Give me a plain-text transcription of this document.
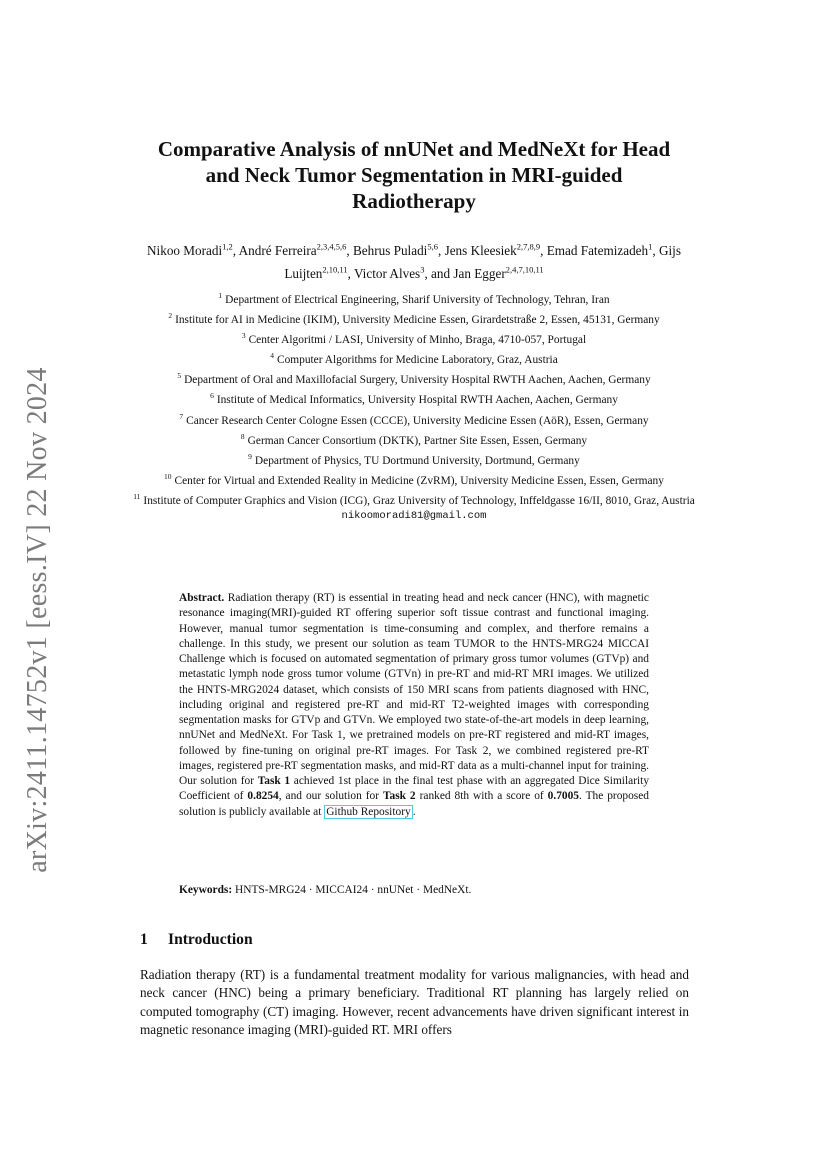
arXiv:2411.14752v1 [eess.IV] 22 Nov 2024
Comparative Analysis of nnUNet and MedNeXt for Head and Neck Tumor Segmentation in MRI-guided Radiotherapy
Nikoo Moradi$^{1,2}$, André Ferreira$^{2,3,4,5,6}$, Behrus Puladi$^{5,6}$, Jens Kleesiek$^{2,7,8,9}$, Emad Fatemizadeh$^1$, Gijs Luijten$^{2,10,11}$, Victor Alves$^3$, and Jan Egger$^{2,4,7,10,11}$
$^1$ Department of Electrical Engineering, Sharif University of Technology, Tehran, Iran
$^2$ Institute for AI in Medicine (IKIM), University Medicine Essen, Girardetstraße 2, Essen, 45131, Germany
$^3$ Center Algoritmi / LASI, University of Minho, Braga, 4710-057, Portugal
$^4$ Computer Algorithms for Medicine Laboratory, Graz, Austria
$^5$ Department of Oral and Maxillofacial Surgery, University Hospital RWTH Aachen, Aachen, Germany
$^6$ Institute of Medical Informatics, University Hospital RWTH Aachen, Aachen, Germany
$^7$ Cancer Research Center Cologne Essen (CCCE), University Medicine Essen (AöR), Essen, Germany
$^8$ German Cancer Consortium (DKTK), Partner Site Essen, Essen, Germany
$^9$ Department of Physics, TU Dortmund University, Dortmund, Germany
$^{10}$ Center for Virtual and Extended Reality in Medicine (ZvRM), University Medicine Essen, Essen, Germany
$^{11}$ Institute of Computer Graphics and Vision (ICG), Graz University of Technology, Inffeldgasse 16/II, 8010, Graz, Austria
nikoomoradi81@gmail.com
Abstract. Radiation therapy (RT) is essential in treating head and neck cancer (HNC), with magnetic resonance imaging(MRI)-guided RT offering superior soft tissue contrast and functional imaging. However, manual tumor segmentation is time-consuming and complex, and therfore remains a challenge. In this study, we present our solution as team TUMOR to the HNTS-MRG24 MICCAI Challenge which is focused on automated segmentation of primary gross tumor volumes (GTVp) and metastatic lymph node gross tumor volume (GTVn) in pre-RT and mid-RT MRI images. We utilized the HNTS-MRG2024 dataset, which consists of 150 MRI scans from patients diagnosed with HNC, including original and registered pre-RT and mid-RT T2-weighted images with corresponding segmentation masks for GTVp and GTVn. We employed two state-of-the-art models in deep learning, nnUNet and MedNeXt. For Task 1, we pretrained models on pre-RT registered and mid-RT images, followed by fine-tuning on original pre-RT images. For Task 2, we combined registered pre-RT images, registered pre-RT segmentation masks, and mid-RT data as a multi-channel input for training. Our solution for Task 1 achieved 1st place in the final test phase with an aggregated Dice Similarity Coefficient of 0.8254, and our solution for Task 2 ranked 8th with a score of 0.7005. The proposed solution is publicly available at Github Repository .
Keywords: HNTS-MRG24 · MICCAI24 · nnUNet · MedNeXt.
1 Introduction
Radiation therapy (RT) is a fundamental treatment modality for various malignancies, with head and neck cancer (HNC) being a primary beneficiary. Traditional RT planning has largely relied on computed tomography (CT) imaging. However, recent advancements have driven significant interest in magnetic resonance imaging (MRI)-guided RT. MRI offers
